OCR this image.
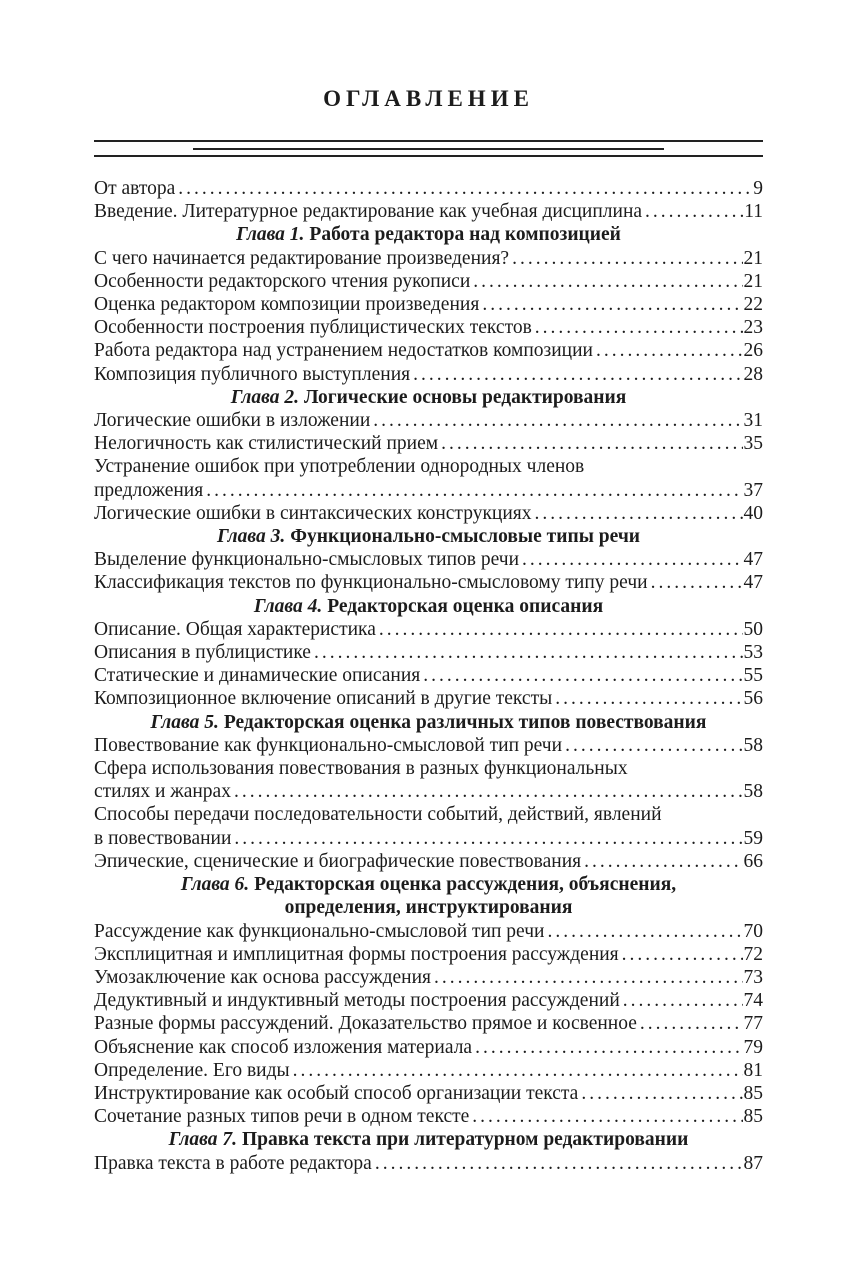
ОГЛАВЛЕНИЕ
От автора .....	9
Введение. Литературное редактирование как учебная дисциплина .....	11
Глава 1. Работа редактора над композицией
С чего начинается редактирование произведения? .....	21
Особенности редакторского чтения рукописи .....	21
Оценка редактором композиции произведения .....	22
Особенности построения публицистических текстов .....	23
Работа редактора над устранением недостатков композиции .....	26
Композиция публичного выступления .....	28
Глава 2. Логические основы редактирования
Логические ошибки в изложении .....	31
Нелогичность как стилистический прием .....	35
Устранение ошибок при употреблении однородных членов
предложения .....	37
Логические ошибки в синтаксических конструкциях .....	40
Глава 3. Функционально-смысловые типы речи
Выделение функционально-смысловых типов речи .....	47
Классификация текстов по функционально-смысловому типу речи .....	47
Глава 4. Редакторская оценка описания
Описание. Общая характеристика .....	50
Описания в публицистике .....	53
Статические и динамические описания .....	55
Композиционное включение описаний в другие тексты .....	56
Глава 5. Редакторская оценка различных типов повествования
Повествование как функционально-смысловой тип речи .....	58
Сфера использования повествования в разных функциональных
стилях и жанрах .....	58
Способы передачи последовательности событий, действий, явлений
в повествовании .....	59
Эпические, сценические и биографические повествования .....	66
Глава 6. Редакторская оценка рассуждения, объяснения,
определения, инструктирования
Рассуждение как функционально-смысловой тип речи .....	70
Эксплицитная и имплицитная формы построения рассуждения .....	72
Умозаключение как основа рассуждения .....	73
Дедуктивный и индуктивный методы построения рассуждений .....	74
Разные формы рассуждений. Доказательство прямое и косвенное .....	77
Объяснение как способ изложения материала .....	79
Определение. Его виды .....	81
Инструктирование как особый способ организации текста .....	85
Сочетание разных типов речи в одном тексте .....	85
Глава 7. Правка текста при литературном редактировании
Правка текста в работе редактора .....	87
